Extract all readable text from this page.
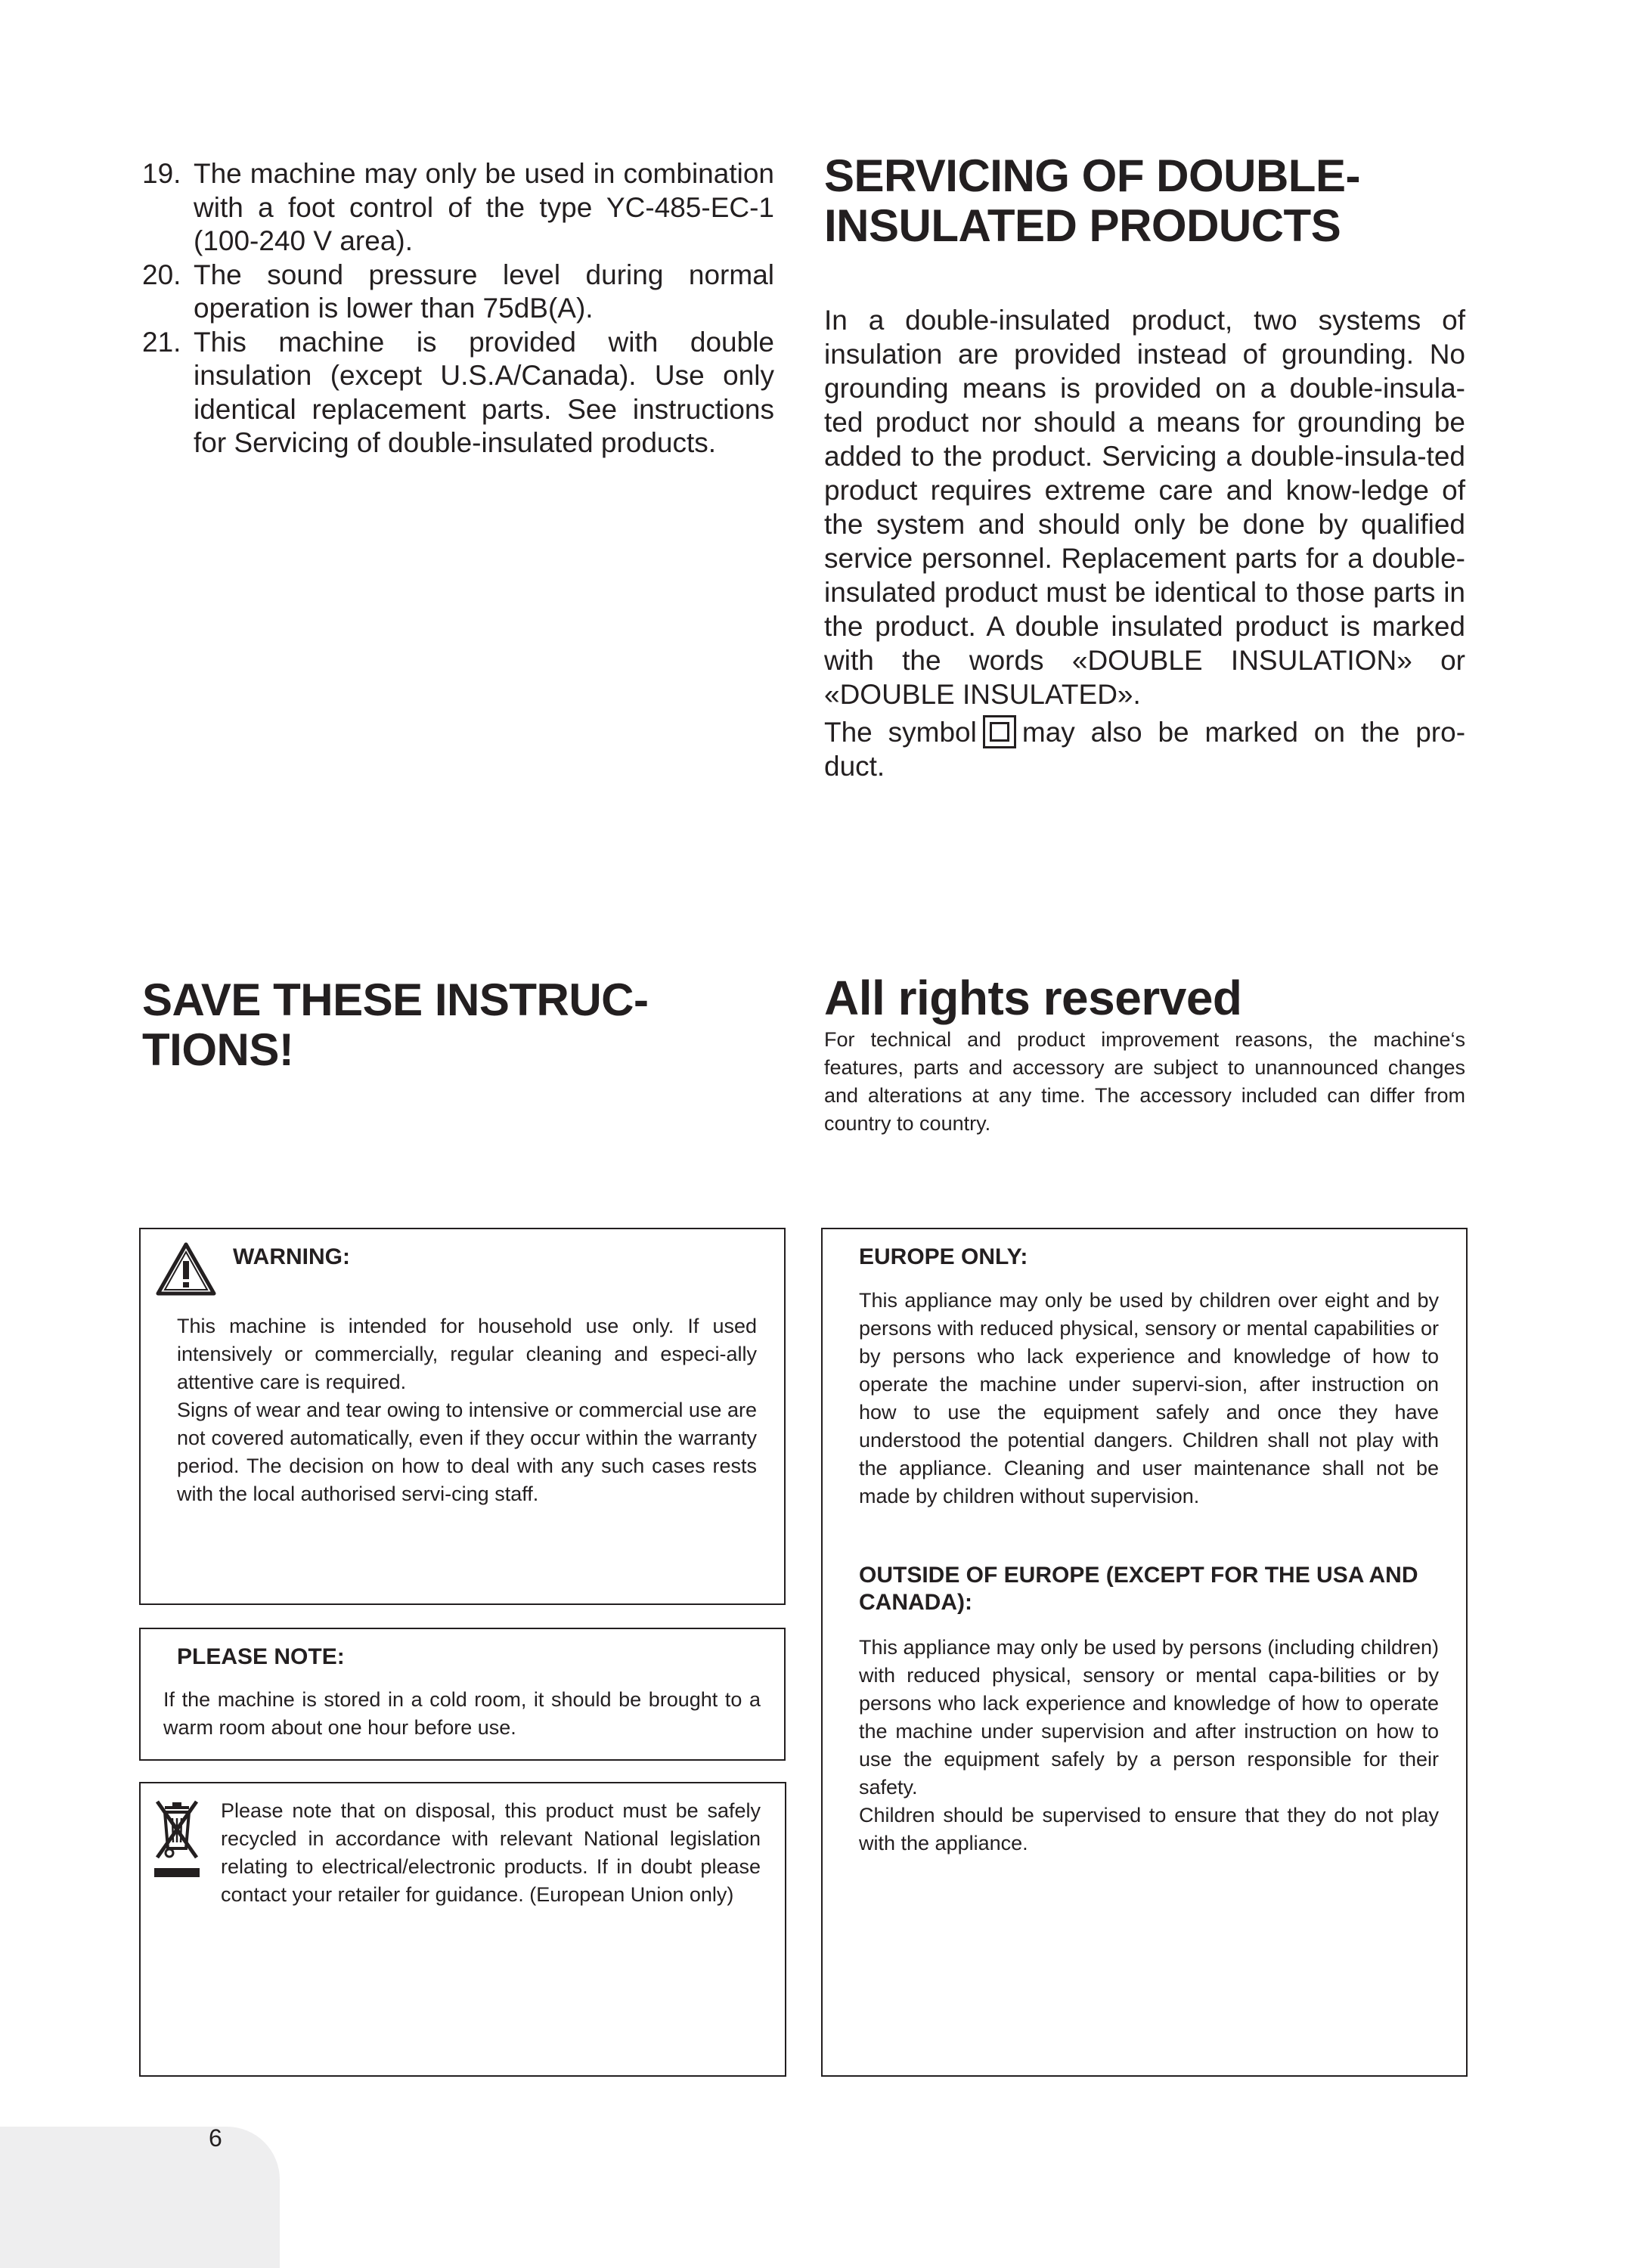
19. The machine may only be used in combination with a foot control of the type YC-485-EC-1 (100-240 V area).
20. The sound pressure level during normal operation is lower than 75dB(A).
21. This machine is provided with double insulation (except U.S.A/Canada). Use only identical replacement parts. See instructions for Servicing of double-insulated products.
SERVICING OF DOUBLE-
INSULATED PRODUCTS

In a double-insulated product, two systems of insulation are provided instead of grounding. No grounding means is provided on a double-insula-ted product nor should a means for grounding be added to the product. Servicing a double-insula-ted product requires extreme care and know-ledge of the system and should only be done by qualified service personnel. Replacement parts for a double-insulated product must be identical to those parts in the product. A double insulated product is marked with the words «DOUBLE INSULATION» or «DOUBLE INSULATED».

The symbol may also be marked on the pro-duct.

SAVE THESE INSTRUC-
TIONS!
All rights reserved

For technical and product improvement reasons, the machine‘s features, parts and accessory are subject to unannounced changes and alterations at any time. The accessory included can differ from country to country.

WARNING:
This machine is intended for household use only. If used intensively or commercially, regular cleaning and especi-ally attentive care is required.
Signs of wear and tear owing to intensive or commercial use are not covered automatically, even if they occur within the warranty period. The decision on how to deal with any such cases rests with the local authorised servi-cing staff.
PLEASE NOTE:
If the machine is stored in a cold room, it should be brought to a warm room about one hour before use.
Please note that on disposal, this product must be safely recycled in accordance with relevant National legislation relating to electrical/electronic products. If in doubt please contact your retailer for guidance. (European Union only)
EUROPE ONLY:
This appliance may only be used by children over eight and by persons with reduced physical, sensory or mental capabilities or by persons who lack experience and knowledge of how to operate the machine under supervi-sion, after instruction on how to use the equipment safely and once they have understood the potential dangers. Children shall not play with the appliance. Cleaning and user maintenance shall not be made by children without supervision.
OUTSIDE OF EUROPE (EXCEPT FOR THE USA AND CANADA):
This appliance may only be used by persons (including children) with reduced physical, sensory or mental capa-bilities or by persons who lack experience and knowledge of how to operate the machine under supervision and after instruction on how to use the equipment safely by a person responsible for their safety.
Children should be supervised to ensure that they do not play with the appliance.
6
